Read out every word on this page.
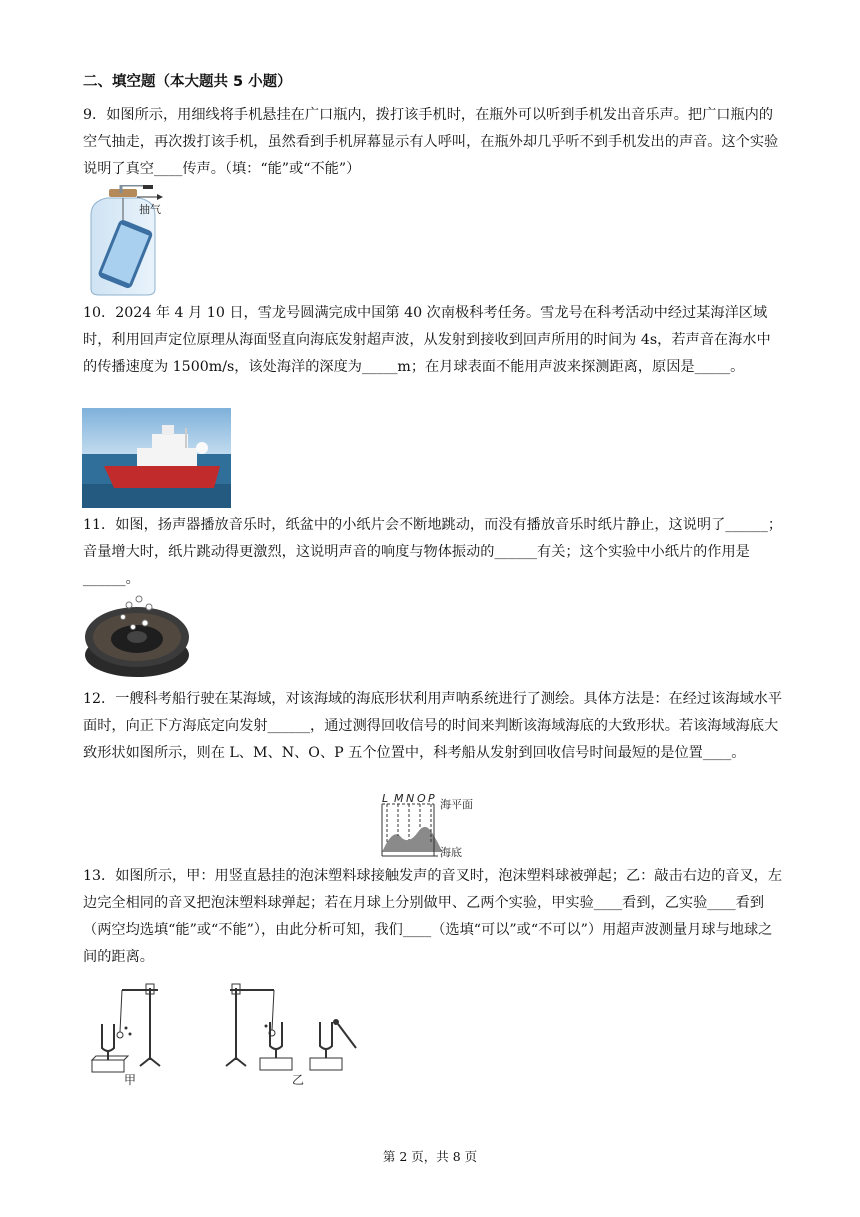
二、填空题（本大题共 5 小题）

9．如图所示，用细线将手机悬挂在广口瓶内，拨打该手机时，在瓶外可以听到手机发出音乐声。把广口瓶内的空气抽走，再次拨打该手机，虽然看到手机屏幕显示有人呼叫，在瓶外却几乎听不到手机发出的声音。这个实验说明了真空____传声。（填：“能”或“不能”）

抽气

10．2024 年 4 月 10 日，雪龙号圆满完成中国第 40 次南极科考任务。雪龙号在科考活动中经过某海洋区域时，利用回声定位原理从海面竖直向海底发射超声波，从发射到接收到回声所用的时间为 4s，若声音在海水中的传播速度为 1500m/s，该处海洋的深度为_____m；在月球表面不能用声波来探测距离，原因是_____。

11．如图，扬声器播放音乐时，纸盆中的小纸片会不断地跳动，而没有播放音乐时纸片静止，这说明了______；音量增大时，纸片跳动得更激烈，这说明声音的响度与物体振动的______有关；这个实验中小纸片的作用是______。

12．一艘科考船行驶在某海域，对该海域的海底形状利用声呐系统进行了测绘。具体方法是：在经过该海域水平面时，向正下方海底定向发射______，通过测得回收信号的时间来判断该海域海底的大致形状。若该海域海底大致形状如图所示，则在 L、M、N、O、P 五个位置中，科考船从发射到回收信号时间最短的是位置____。

L M N O P 海平面
海底

13．如图所示，甲：用竖直悬挂的泡沫塑料球接触发声的音叉时，泡沫塑料球被弹起；乙：敲击右边的音叉，左边完全相同的音叉把泡沫塑料球弹起；若在月球上分别做甲、乙两个实验，甲实验____看到，乙实验____看到（两空均选填“能”或“不能”），由此分析可知，我们____（选填“可以”或“不可以”）用超声波测量月球与地球之间的距离。

甲	乙
第 2 页，共 8 页
